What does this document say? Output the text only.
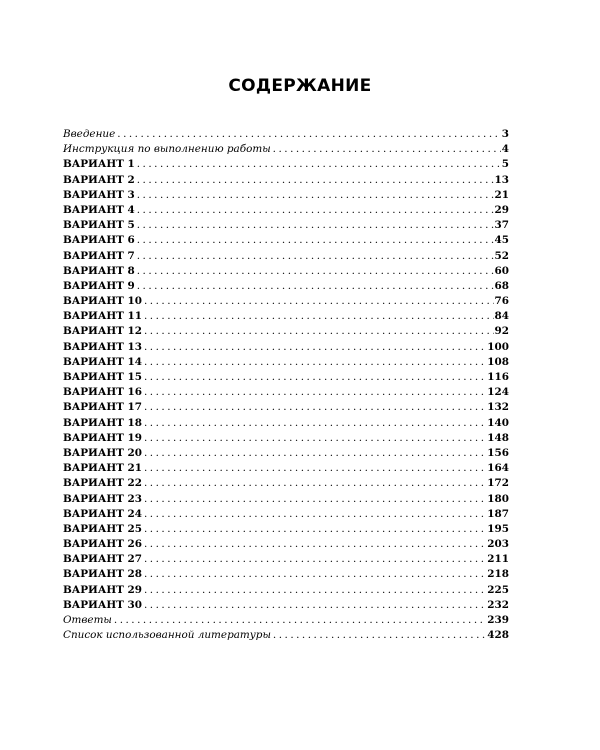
СОДЕРЖАНИЕ
Введение . . .	3
Инструкция по выполнению работы . . .	4
ВАРИАНТ 1 . . .	5
ВАРИАНТ 2 . . .	13
ВАРИАНТ 3 . . .	21
ВАРИАНТ 4 . . .	29
ВАРИАНТ 5 . . .	37
ВАРИАНТ 6 . . .	45
ВАРИАНТ 7 . . .	52
ВАРИАНТ 8 . . .	60
ВАРИАНТ 9 . . .	68
ВАРИАНТ 10 . . .	76
ВАРИАНТ 11 . . .	84
ВАРИАНТ 12 . . .	92
ВАРИАНТ 13 . . .	100
ВАРИАНТ 14 . . .	108
ВАРИАНТ 15 . . .	116
ВАРИАНТ 16 . . .	124
ВАРИАНТ 17 . . .	132
ВАРИАНТ 18 . . .	140
ВАРИАНТ 19 . . .	148
ВАРИАНТ 20 . . .	156
ВАРИАНТ 21 . . .	164
ВАРИАНТ 22 . . .	172
ВАРИАНТ 23 . . .	180
ВАРИАНТ 24 . . .	187
ВАРИАНТ 25 . . .	195
ВАРИАНТ 26 . . .	203
ВАРИАНТ 27 . . .	211
ВАРИАНТ 28 . . .	218
ВАРИАНТ 29 . . .	225
ВАРИАНТ 30 . . .	232
Ответы . . .	239
Список использованной литературы . . .	428
